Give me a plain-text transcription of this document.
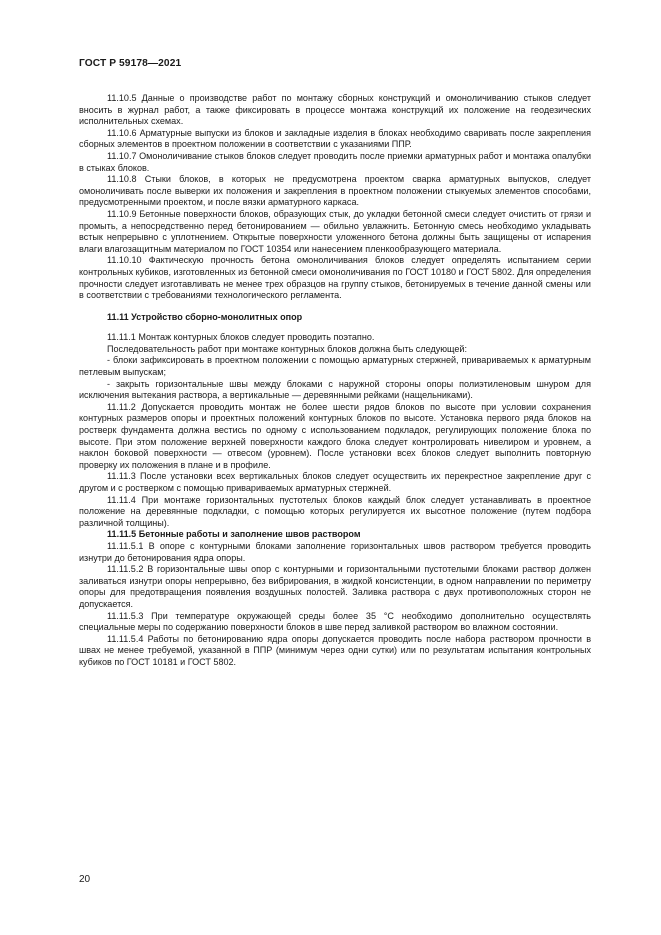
ГОСТ Р 59178—2021

11.10.5 Данные о производстве работ по монтажу сборных конструкций и омоноличиванию стыков следует вносить в журнал работ, а также фиксировать в процессе монтажа конструкций их положение на геодезических исполнительных схемах.

11.10.6 Арматурные выпуски из блоков и закладные изделия в блоках необходимо сваривать после закрепления сборных элементов в проектном положении в соответствии с указаниями ППР.

11.10.7 Омоноличивание стыков блоков следует проводить после приемки арматурных работ и монтажа опалубки в стыках блоков.

11.10.8 Стыки блоков, в которых не предусмотрена проектом сварка арматурных выпусков, следует омоноличивать после выверки их положения и закрепления в проектном положении стыкуемых элементов способами, предусмотренными проектом, и после вязки арматурного каркаса.

11.10.9 Бетонные поверхности блоков, образующих стык, до укладки бетонной смеси следует очистить от грязи и промыть, а непосредственно перед бетонированием — обильно увлажнить. Бетонную смесь необходимо укладывать встык непрерывно с уплотнением. Открытые поверхности уложенного бетона должны быть защищены от испарения влаги влагозащитным материалом по ГОСТ 10354 или нанесением пленкообразующего материала.

11.10.10 Фактическую прочность бетона омоноличивания блоков следует определять испытанием серии контрольных кубиков, изготовленных из бетонной смеси омоноличивания по ГОСТ 10180 и ГОСТ 5802. Для определения прочности следует изготавливать не менее трех образцов на группу стыков, бетонируемых в течение данной смены или в соответствии с требованиями технологического регламента.

11.11 Устройство сборно-монолитных опор

11.11.1 Монтаж контурных блоков следует проводить поэтапно.

Последовательность работ при монтаже контурных блоков должна быть следующей:

- блоки зафиксировать в проектном положении с помощью арматурных стержней, привариваемых к арматурным петлевым выпускам;

- закрыть горизонтальные швы между блоками с наружной стороны опоры полиэтиленовым шнуром для исключения вытекания раствора, а вертикальные — деревянными рейками (нащельниками).

11.11.2 Допускается проводить монтаж не более шести рядов блоков по высоте при условии сохранения контурных размеров опоры и проектных положений контурных блоков по высоте. Установка первого ряда блоков на ростверк фундамента должна вестись по одному с использованием подкладок, регулирующих положение блока по высоте. При этом положение верхней поверхности каждого блока следует контролировать нивелиром и уровнем, а наклон боковой поверхности — отвесом (уровнем). После установки всех блоков следует выполнить повторную проверку их положения в плане и в профиле.

11.11.3 После установки всех вертикальных блоков следует осуществить их перекрестное закрепление друг с другом и с ростверком с помощью привариваемых арматурных стержней.

11.11.4 При монтаже горизонтальных пустотелых блоков каждый блок следует устанавливать в проектное положение на деревянные подкладки, с помощью которых регулируется их высотное положение (путем подбора различной толщины).

11.11.5 Бетонные работы и заполнение швов раствором

11.11.5.1 В опоре с контурными блоками заполнение горизонтальных швов раствором требуется проводить изнутри до бетонирования ядра опоры.

11.11.5.2 В горизонтальные швы опор с контурными и горизонтальными пустотелыми блоками раствор должен заливаться изнутри опоры непрерывно, без вибрирования, в жидкой консистенции, в одном направлении по периметру опоры для предотвращения появления воздушных полостей. Заливка раствора с двух противоположных сторон не допускается.

11.11.5.3 При температуре окружающей среды более 35 °С необходимо дополнительно осуществлять специальные меры по содержанию поверхности блоков в шве перед заливкой раствором во влажном состоянии.

11.11.5.4 Работы по бетонированию ядра опоры допускается проводить после набора раствором прочности в швах не менее требуемой, указанной в ППР (минимум через одни сутки) или по результатам испытания контрольных кубиков по ГОСТ 10181 и ГОСТ 5802.

20
